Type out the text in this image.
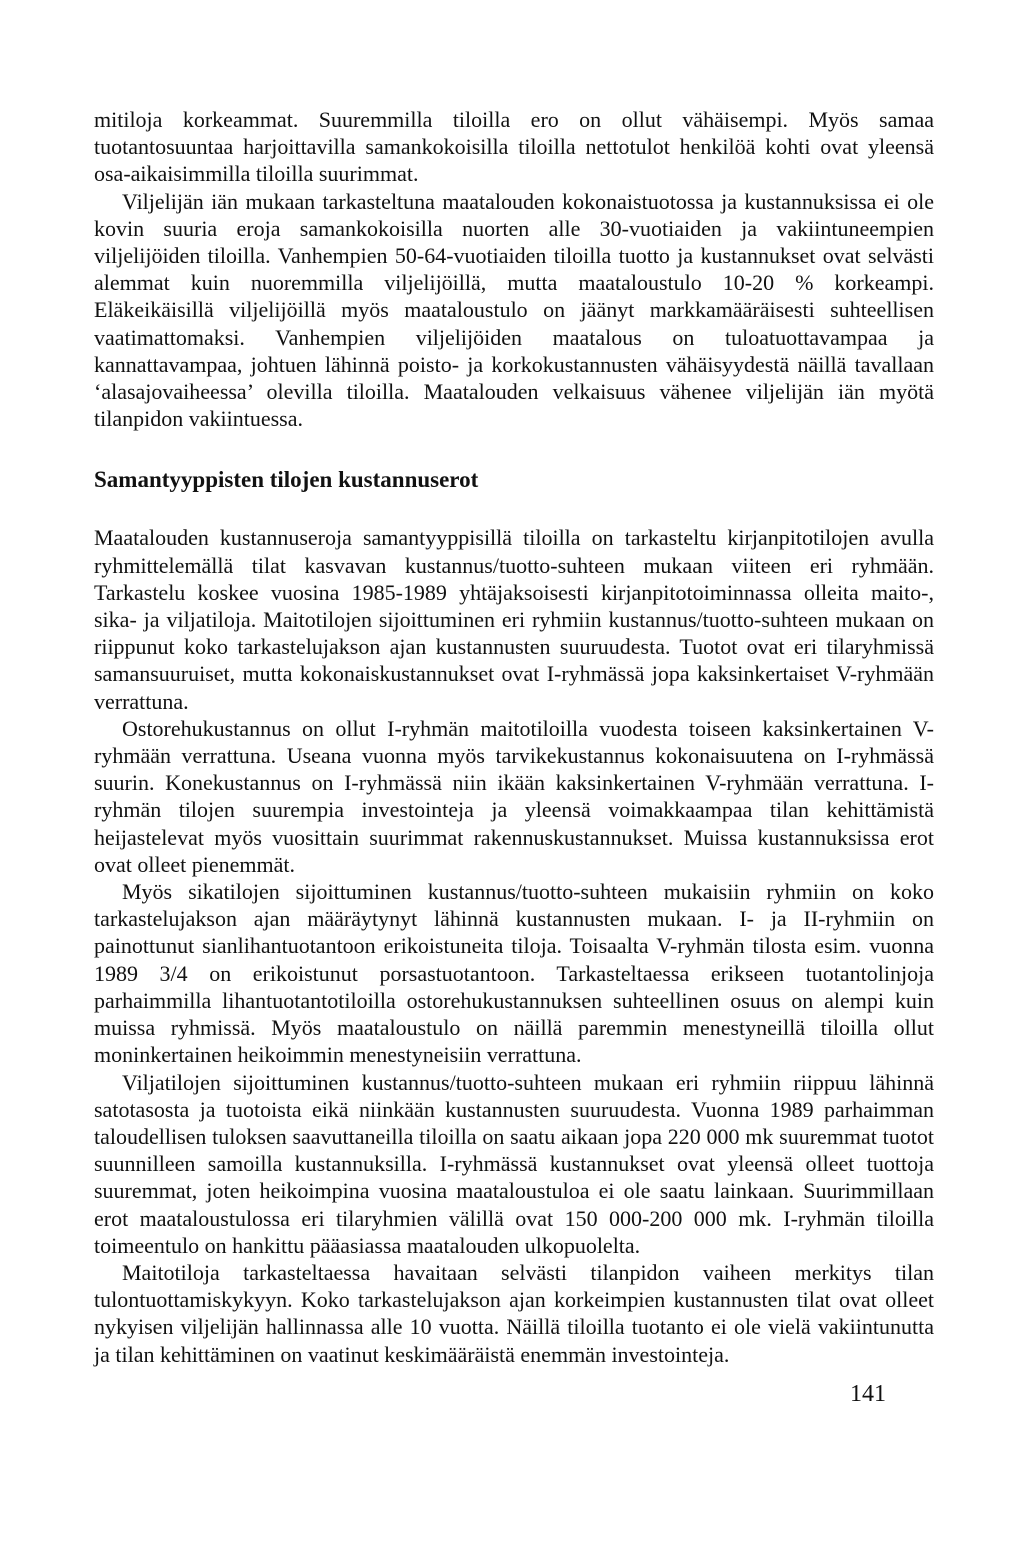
mitiloja korkeammat. Suuremmilla tiloilla ero on ollut vähäisempi. Myös samaa tuotantosuuntaa harjoittavilla samankokoisilla tiloilla nettotulot henkilöä kohti ovat yleensä osa-aikaisimmilla tiloilla suurimmat.

Viljelijän iän mukaan tarkasteltuna maatalouden kokonaistuotossa ja kustannuksissa ei ole kovin suuria eroja samankokoisilla nuorten alle 30-vuotiaiden ja vakiintuneempien viljelijöiden tiloilla. Vanhempien 50-64-vuotiaiden tiloilla tuotto ja kustannukset ovat selvästi alemmat kuin nuoremmilla viljelijöillä, mutta maataloustulo 10-20 % korkeampi. Eläkeikäisillä viljelijöillä myös maataloustulo on jäänyt markkamääräisesti suhteellisen vaatimattomaksi. Vanhempien viljelijöiden maatalous on tuloatuottavampaa ja kannattavampaa, johtuen lähinnä poisto- ja korkokustannusten vähäisyydestä näillä tavallaan ‘alasajovaiheessa’ olevilla tiloilla. Maatalouden velkaisuus vähenee viljelijän iän myötä tilanpidon vakiintuessa.

Samantyyppisten tilojen kustannuserot

Maatalouden kustannuseroja samantyyppisillä tiloilla on tarkasteltu kirjanpitotilojen avulla ryhmittelemällä tilat kasvavan kustannus/tuotto-suhteen mukaan viiteen eri ryhmään. Tarkastelu koskee vuosina 1985-1989 yhtäjaksoisesti kirjanpitotoiminnassa olleita maito-, sika- ja viljatiloja. Maitotilojen sijoittuminen eri ryhmiin kustannus/tuotto-suhteen mukaan on riippunut koko tarkastelujakson ajan kustannusten suuruudesta. Tuotot ovat eri tilaryhmissä samansuuruiset, mutta kokonaiskustannukset ovat I-ryhmässä jopa kaksinkertaiset V-ryhmään verrattuna.

Ostorehukustannus on ollut I-ryhmän maitotiloilla vuodesta toiseen kaksinkertainen V-ryhmään verrattuna. Useana vuonna myös tarvikekustannus kokonaisuutena on I-ryhmässä suurin. Konekustannus on I-ryhmässä niin ikään kaksinkertainen V-ryhmään verrattuna. I-ryhmän tilojen suurempia investointeja ja yleensä voimakkaampaa tilan kehittämistä heijastelevat myös vuosittain suurimmat rakennuskustannukset. Muissa kustannuksissa erot ovat olleet pienemmät.

Myös sikatilojen sijoittuminen kustannus/tuotto-suhteen mukaisiin ryhmiin on koko tarkastelujakson ajan määräytynyt lähinnä kustannusten mukaan. I- ja II-ryhmiin on painottunut sianlihantuotantoon erikoistuneita tiloja. Toisaalta V-ryhmän tilosta esim. vuonna 1989 3/4 on erikoistunut porsastuotantoon. Tarkasteltaessa erikseen tuotantolinjoja parhaimmilla lihantuotantotiloilla ostorehukustannuksen suhteellinen osuus on alempi kuin muissa ryhmissä. Myös maataloustulo on näillä paremmin menestyneillä tiloilla ollut moninkertainen heikoimmin menestyneisiin verrattuna.

Viljatilojen sijoittuminen kustannus/tuotto-suhteen mukaan eri ryhmiin riippuu lähinnä satotasosta ja tuotoista eikä niinkään kustannusten suuruudesta. Vuonna 1989 parhaimman taloudellisen tuloksen saavuttaneilla tiloilla on saatu aikaan jopa 220 000 mk suuremmat tuotot suunnilleen samoilla kustannuksilla. I-ryhmässä kustannukset ovat yleensä olleet tuottoja suuremmat, joten heikoimpina vuosina maataloustuloa ei ole saatu lainkaan. Suurimmillaan erot maataloustulossa eri tilaryhmien välillä ovat 150 000-200 000 mk. I-ryhmän tiloilla toimeentulo on hankittu pääasiassa maatalouden ulkopuolelta.

Maitotiloja tarkasteltaessa havaitaan selvästi tilanpidon vaiheen merkitys tilan tulontuottamiskykyyn. Koko tarkastelujakson ajan korkeimpien kustannusten tilat ovat olleet nykyisen viljelijän hallinnassa alle 10 vuotta. Näillä tiloilla tuotanto ei ole vielä vakiintunutta ja tilan kehittäminen on vaatinut keskimääräistä enemmän investointeja.

141
